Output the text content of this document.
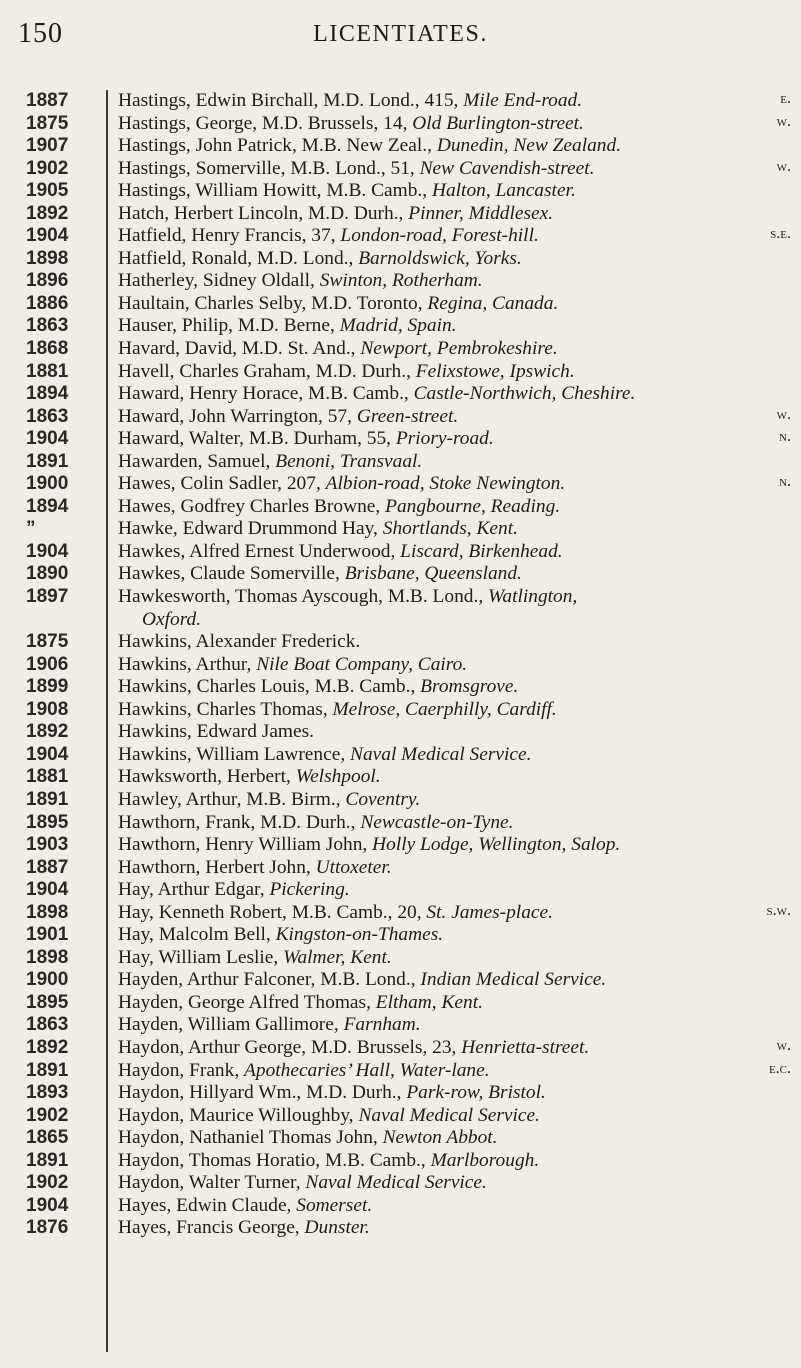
150	LICENTIATES.
1887	Hastings, Edwin Birchall, M.D. Lond., 415, Mile End-road.	e.
1875	Hastings, George, M.D. Brussels, 14, Old Burlington-street.	w.
1907	Hastings, John Patrick, M.B. New Zeal., Dunedin, New Zealand.
1902	Hastings, Somerville, M.B. Lond., 51, New Cavendish-street.	w.
1905	Hastings, William Howitt, M.B. Camb., Halton, Lancaster.
1892	Hatch, Herbert Lincoln, M.D. Durh., Pinner, Middlesex.
1904	Hatfield, Henry Francis, 37, London-road, Forest-hill.	s.e.
1898	Hatfield, Ronald, M.D. Lond., Barnoldswick, Yorks.
1896	Hatherley, Sidney Oldall, Swinton, Rotherham.
1886	Haultain, Charles Selby, M.D. Toronto, Regina, Canada.
1863	Hauser, Philip, M.D. Berne, Madrid, Spain.
1868	Havard, David, M.D. St. And., Newport, Pembrokeshire.
1881	Havell, Charles Graham, M.D. Durh., Felixstowe, Ipswich.
1894	Haward, Henry Horace, M.B. Camb., Castle-Northwich, Cheshire.
1863	Haward, John Warrington, 57, Green-street.	w.
1904	Haward, Walter, M.B. Durham, 55, Priory-road.	n.
1891	Hawarden, Samuel, Benoni, Transvaal.
1900	Hawes, Colin Sadler, 207, Albion-road, Stoke Newington.	n.
1894	Hawes, Godfrey Charles Browne, Pangbourne, Reading.
”	Hawke, Edward Drummond Hay, Shortlands, Kent.
1904	Hawkes, Alfred Ernest Underwood, Liscard, Birkenhead.
1890	Hawkes, Claude Somerville, Brisbane, Queensland.
1897	Hawkesworth, Thomas Ayscough, M.B. Lond., Watlington,
Oxford.
1875	Hawkins, Alexander Frederick.
1906	Hawkins, Arthur, Nile Boat Company, Cairo.
1899	Hawkins, Charles Louis, M.B. Camb., Bromsgrove.
1908	Hawkins, Charles Thomas, Melrose, Caerphilly, Cardiff.
1892	Hawkins, Edward James.
1904	Hawkins, William Lawrence, Naval Medical Service.
1881	Hawksworth, Herbert, Welshpool.
1891	Hawley, Arthur, M.B. Birm., Coventry.
1895	Hawthorn, Frank, M.D. Durh., Newcastle-on-Tyne.
1903	Hawthorn, Henry William John, Holly Lodge, Wellington, Salop.
1887	Hawthorn, Herbert John, Uttoxeter.
1904	Hay, Arthur Edgar, Pickering.
1898	Hay, Kenneth Robert, M.B. Camb., 20, St. James-place.	s.w.
1901	Hay, Malcolm Bell, Kingston-on-Thames.
1898	Hay, William Leslie, Walmer, Kent.
1900	Hayden, Arthur Falconer, M.B. Lond., Indian Medical Service.
1895	Hayden, George Alfred Thomas, Eltham, Kent.
1863	Hayden, William Gallimore, Farnham.
1892	Haydon, Arthur George, M.D. Brussels, 23, Henrietta-street.	w.
1891	Haydon, Frank, Apothecaries’ Hall, Water-lane.	e.c.
1893	Haydon, Hillyard Wm., M.D. Durh., Park-row, Bristol.
1902	Haydon, Maurice Willoughby, Naval Medical Service.
1865	Haydon, Nathaniel Thomas John, Newton Abbot.
1891	Haydon, Thomas Horatio, M.B. Camb., Marlborough.
1902	Haydon, Walter Turner, Naval Medical Service.
1904	Hayes, Edwin Claude, Somerset.
1876	Hayes, Francis George, Dunster.
